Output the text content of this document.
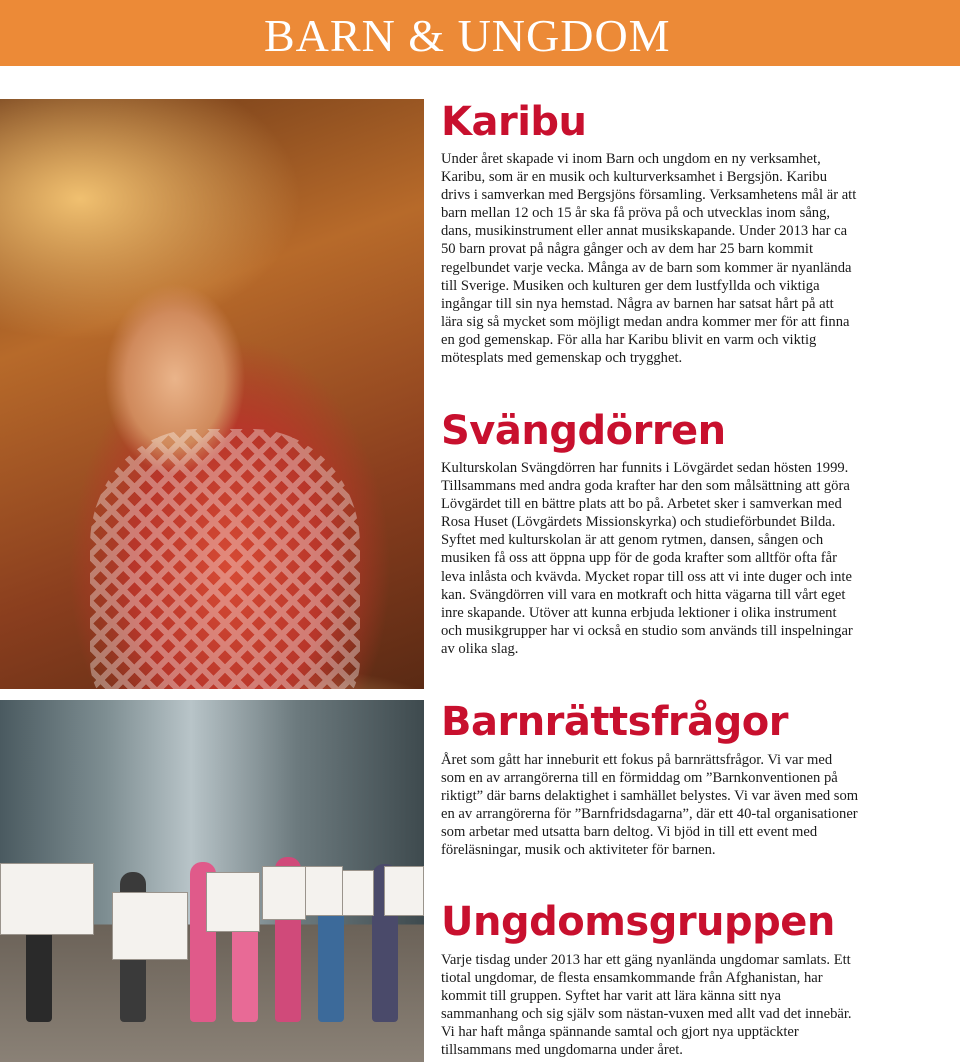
BARN & UNGDOM
Karibu

Under året skapade vi inom Barn och ungdom en ny verksamhet, Karibu, som är en musik och kulturverksamhet i Bergsjön. Karibu drivs i samverkan med Bergsjöns församling. Verksamhetens mål är att barn mellan 12 och 15 år ska få pröva på och utvecklas inom sång, dans, musikinstrument eller annat musikskapande. Under 2013 har ca 50 barn provat på några gånger och av dem har 25 barn kommit regelbundet varje vecka. Många av de barn som kommer är nyanlända till Sverige. Musiken och kulturen ger dem lustfyllda och viktiga ingångar till sin nya hemstad. Några av barnen har satsat hårt på att lära sig så mycket som möjligt medan andra kommer mer för att finna en god gemenskap. För alla har Karibu blivit en varm och viktig mötesplats med gemenskap och trygghet.

Svängdörren

Kulturskolan Svängdörren har funnits i Lövgärdet sedan hösten 1999. Tillsammans med andra goda krafter har den som målsättning att göra Lövgärdet till en bättre plats att bo på. Arbetet sker i samverkan med Rosa Huset (Lövgärdets Missionskyrka) och studieförbundet Bilda. Syftet med kulturskolan är att genom rytmen, dansen, sången och musiken få oss att öppna upp för de goda krafter som alltför ofta får leva inlåsta och kvävda. Mycket ropar till oss att vi inte duger och inte kan. Svängdörren vill vara en motkraft och hitta vägarna till vårt eget inre skapande. Utöver att kunna erbjuda lektioner i olika instrument och musikgrupper har vi också en studio som används till inspelningar av olika slag.

Barnrättsfrågor

Året som gått har inneburit ett fokus på barnrättsfrågor. Vi var med som en av arrangörerna till en förmiddag om ”Barnkonventionen på riktigt” där barns delaktighet i samhället belystes. Vi var även med som en av arrangörerna för ”Barnfridsdagarna”, där ett 40-tal organisationer som arbetar med utsatta barn deltog. Vi bjöd in till ett event med föreläsningar, musik och aktiviteter för barnen.

Ungdomsgruppen

Varje tisdag under 2013 har ett gäng nyanlända ungdomar samlats. Ett tiotal ungdomar, de flesta ensamkommande från Afghanistan, har kommit till gruppen. Syftet har varit att lära känna sitt nya sammanhang och sig själv som nästan-vuxen med allt vad det innebär. Vi har haft många spännande samtal och gjort nya upptäckter tillsammans med ungdomarna under året.
